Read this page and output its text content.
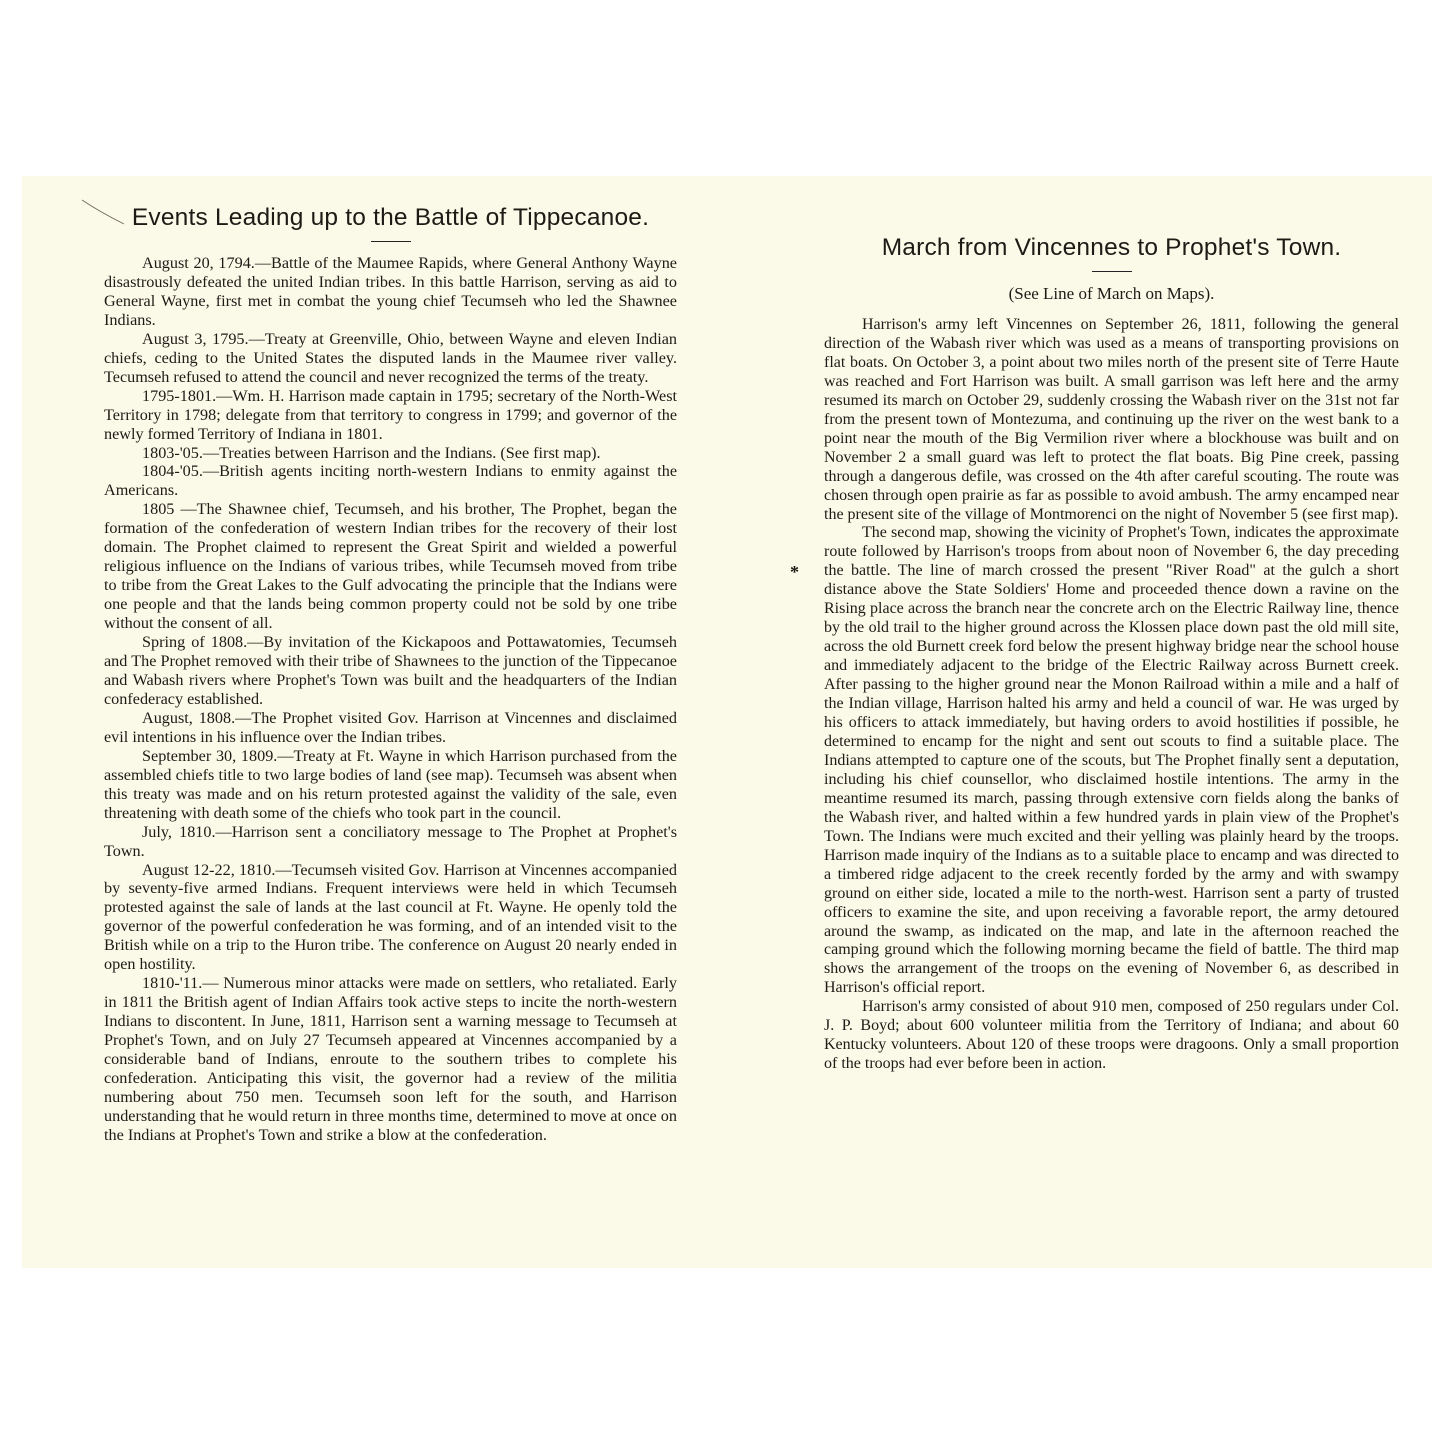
Events Leading up to the Battle of Tippecanoe.

August 20, 1794.—Battle of the Maumee Rapids, where General Anthony Wayne disastrously defeated the united Indian tribes. In this battle Harrison, serving as aid to General Wayne, first met in combat the young chief Tecumseh who led the Shawnee Indians.

August 3, 1795.—Treaty at Greenville, Ohio, between Wayne and eleven Indian chiefs, ceding to the United States the disputed lands in the Maumee river valley. Tecumseh refused to attend the council and never recognized the terms of the treaty.

1795-1801.—Wm. H. Harrison made captain in 1795; secretary of the North-West Territory in 1798; delegate from that territory to congress in 1799; and governor of the newly formed Territory of Indiana in 1801.

1803-'05.—Treaties between Harrison and the Indians. (See first map).

1804-'05.—British agents inciting north-western Indians to enmity against the Americans.

1805 —The Shawnee chief, Tecumseh, and his brother, The Prophet, began the formation of the confederation of western Indian tribes for the recovery of their lost domain. The Prophet claimed to represent the Great Spirit and wielded a powerful religious influence on the Indians of various tribes, while Tecumseh moved from tribe to tribe from the Great Lakes to the Gulf advocating the principle that the Indians were one people and that the lands being common property could not be sold by one tribe without the consent of all.

Spring of 1808.—By invitation of the Kickapoos and Pottawatomies, Tecumseh and The Prophet removed with their tribe of Shawnees to the junction of the Tippecanoe and Wabash rivers where Prophet's Town was built and the headquarters of the Indian confederacy established.

August, 1808.—The Prophet visited Gov. Harrison at Vincennes and disclaimed evil intentions in his influence over the Indian tribes.

September 30, 1809.—Treaty at Ft. Wayne in which Harrison purchased from the assembled chiefs title to two large bodies of land (see map). Tecumseh was absent when this treaty was made and on his return protested against the validity of the sale, even threatening with death some of the chiefs who took part in the council.

July, 1810.—Harrison sent a conciliatory message to The Prophet at Prophet's Town.

August 12-22, 1810.—Tecumseh visited Gov. Harrison at Vincennes accompanied by seventy-five armed Indians. Frequent interviews were held in which Tecumseh protested against the sale of lands at the last council at Ft. Wayne. He openly told the governor of the powerful confederation he was forming, and of an intended visit to the British while on a trip to the Huron tribe. The conference on August 20 nearly ended in open hostility.

1810-'11.— Numerous minor attacks were made on settlers, who retaliated. Early in 1811 the British agent of Indian Affairs took active steps to incite the north-western Indians to discontent. In June, 1811, Harrison sent a warning message to Tecumseh at Prophet's Town, and on July 27 Tecumseh appeared at Vincennes accompanied by a considerable band of Indians, enroute to the southern tribes to complete his confederation. Anticipating this visit, the governor had a review of the militia numbering about 750 men. Tecumseh soon left for the south, and Harrison understanding that he would return in three months time, determined to move at once on the Indians at Prophet's Town and strike a blow at the confederation.

*
March from Vincennes to Prophet's Town.

(See Line of March on Maps).

Harrison's army left Vincennes on September 26, 1811, following the general direction of the Wabash river which was used as a means of transporting provisions on flat boats. On October 3, a point about two miles north of the present site of Terre Haute was reached and Fort Harrison was built. A small garrison was left here and the army resumed its march on October 29, suddenly crossing the Wabash river on the 31st not far from the present town of Montezuma, and continuing up the river on the west bank to a point near the mouth of the Big Vermilion river where a blockhouse was built and on November 2 a small guard was left to protect the flat boats. Big Pine creek, passing through a dangerous defile, was crossed on the 4th after careful scouting. The route was chosen through open prairie as far as possible to avoid ambush. The army encamped near the present site of the village of Montmorenci on the night of November 5 (see first map).

The second map, showing the vicinity of Prophet's Town, indicates the approximate route followed by Harrison's troops from about noon of November 6, the day preceding the battle. The line of march crossed the present "River Road" at the gulch a short distance above the State Soldiers' Home and proceeded thence down a ravine on the Rising place across the branch near the concrete arch on the Electric Railway line, thence by the old trail to the higher ground across the Klossen place down past the old mill site, across the old Burnett creek ford below the present highway bridge near the school house and immediately adjacent to the bridge of the Electric Railway across Burnett creek. After passing to the higher ground near the Monon Railroad within a mile and a half of the Indian village, Harrison halted his army and held a council of war. He was urged by his officers to attack immediately, but having orders to avoid hostilities if possible, he determined to encamp for the night and sent out scouts to find a suitable place. The Indians attempted to capture one of the scouts, but The Prophet finally sent a deputation, including his chief counsellor, who disclaimed hostile intentions. The army in the meantime resumed its march, passing through extensive corn fields along the banks of the Wabash river, and halted within a few hundred yards in plain view of the Prophet's Town. The Indians were much excited and their yelling was plainly heard by the troops. Harrison made inquiry of the Indians as to a suitable place to encamp and was directed to a timbered ridge adjacent to the creek recently forded by the army and with swampy ground on either side, located a mile to the north-west. Harrison sent a party of trusted officers to examine the site, and upon receiving a favorable report, the army detoured around the swamp, as indicated on the map, and late in the afternoon reached the camping ground which the following morning became the field of battle. The third map shows the arrangement of the troops on the evening of November 6, as described in Harrison's official report.

Harrison's army consisted of about 910 men, composed of 250 regulars under Col. J. P. Boyd; about 600 volunteer militia from the Territory of Indiana; and about 60 Kentucky volunteers. About 120 of these troops were dragoons. Only a small proportion of the troops had ever before been in action.
